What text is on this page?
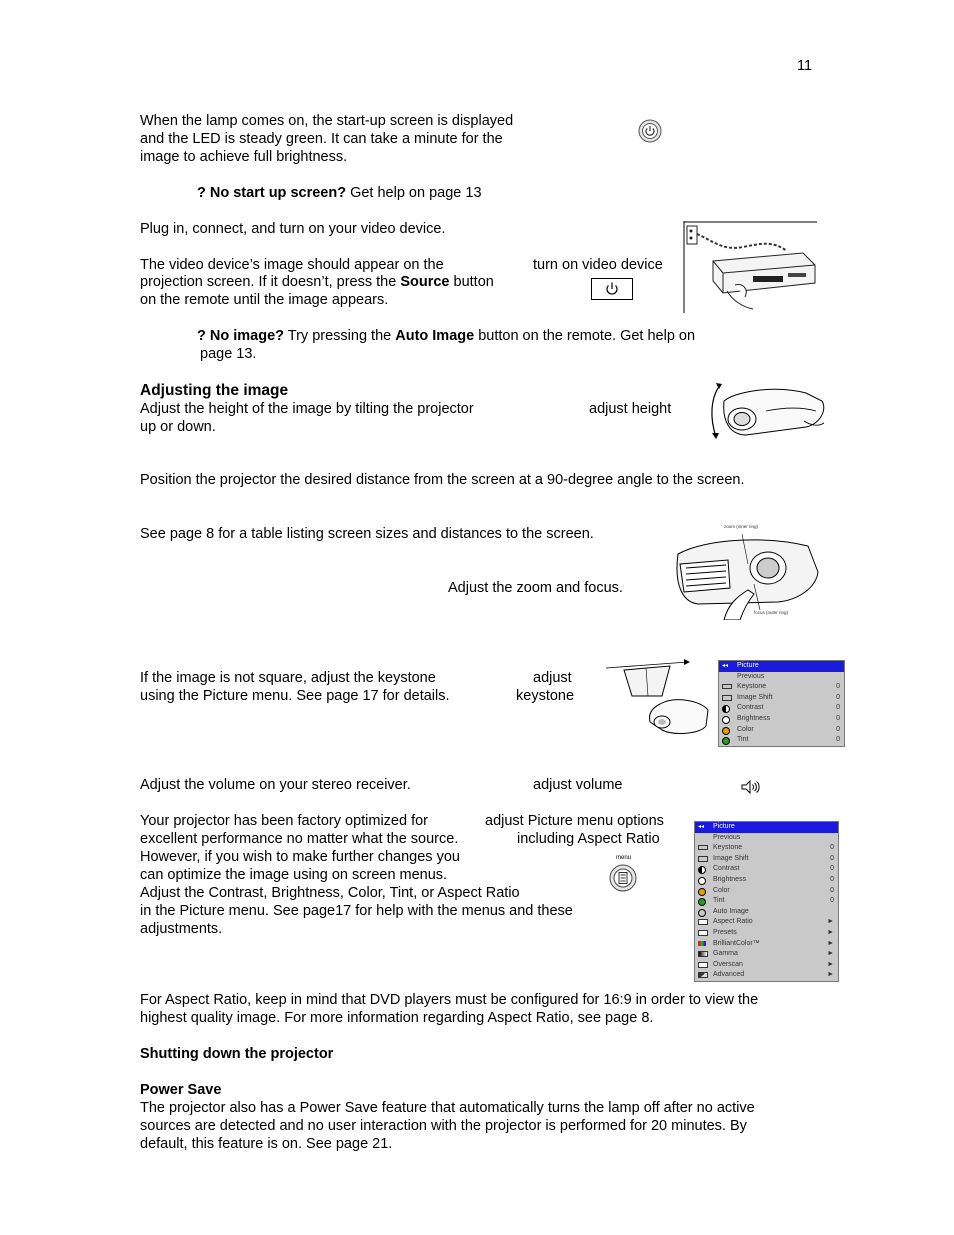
11
When the lamp comes on, the start-up screen is displayed
and the LED is steady green. It can take a minute for the
image to achieve full brightness.
? No start up screen? Get help on page 13
Plug in, connect, and turn on your video device.
The video device’s image should appear on the	turn on video device
projection screen. If it doesn’t, press the Source button
on the remote until the image appears.
? No image? Try pressing the Auto Image button on the remote. Get help on
page 13.
Adjusting the image
Adjust the height of the image by tilting the projector	adjust height
up or down.
Position the projector the desired distance from the screen at a 90-degree angle to the screen.
See page 8 for a table listing screen sizes and distances to the screen.
Adjust the zoom and focus.
zoom (inner ring)
focus (outer ring)
If the image is not square, adjust the keystone	adjust
using the Picture menu. See page 17 for details.	keystone
◂◂ Picture
Previous
Keystone	0
Image Shift	0
Contrast	0
Brightness	0
Color	0
Tint	0
Adjust the volume on your stereo receiver.	adjust volume
Your projector has been factory optimized for	adjust Picture menu options
excellent performance no matter what the source.	including Aspect Ratio
However, if you wish to make further changes you
can optimize the image using on screen menus.
Adjust the Contrast, Brightness, Color, Tint, or Aspect Ratio
in the Picture menu. See page17 for help with the menus and these
adjustments.
menu
◂◂ Picture
Previous
Keystone	0
Image Shift	0
Contrast	0
Brightness	0
Color	0
Tint	0
Auto Image
Aspect Ratio	►
Presets	►
BrilliantColor™	►
Gamma	►
Overscan	►
Advanced	►
For Aspect Ratio, keep in mind that DVD players must be configured for 16:9 in order to view the
highest quality image. For more information regarding Aspect Ratio, see page 8.
Shutting down the projector
Power Save
The projector also has a Power Save feature that automatically turns the lamp off after no active
sources are detected and no user interaction with the projector is performed for 20 minutes. By
default, this feature is on. See page 21.
